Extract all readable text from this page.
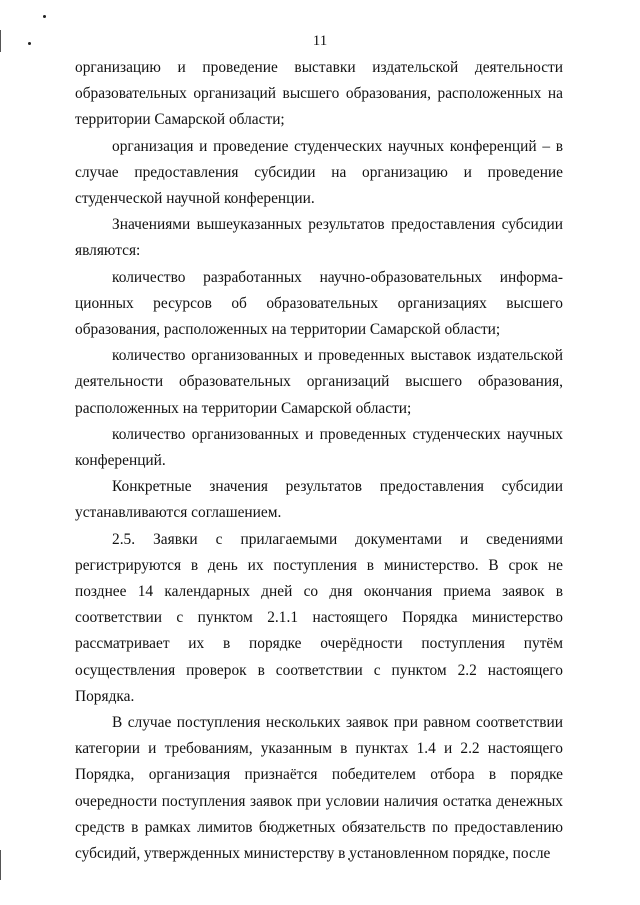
11

организацию и проведение выставки издательской деятельности образовательных организаций высшего образования, расположенных на территории Самарской области;

организация и проведение студенческих научных конференций – в случае предоставления субсидии на организацию и проведение студенческой научной конференции.

Значениями вышеуказанных результатов предоставления субсидии являются:

количество разработанных научно-образовательных информа-ционных ресурсов об образовательных организациях высшего образования, расположенных на территории Самарской области;

количество организованных и проведенных выставок издательской деятельности образовательных организаций высшего образования, расположенных на территории Самарской области;

количество организованных и проведенных студенческих научных конференций.

Конкретные значения результатов предоставления субсидии устанавливаются соглашением.

2.5. Заявки с прилагаемыми документами и сведениями регистрируются в день их поступления в министерство. В срок не позднее 14 календарных дней со дня окончания приема заявок в соответствии с пунктом 2.1.1 настоящего Порядка министерство рассматривает их в порядке очерёдности поступления путём осуществления проверок в соответствии с пунктом 2.2 настоящего Порядка.

В случае поступления нескольких заявок при равном соответствии категории и требованиям, указанным в пунктах 1.4 и 2.2 настоящего Порядка, организация признаётся победителем отбора в порядке очередности поступления заявок при условии наличия остатка денежных средств в рамках лимитов бюджетных обязательств по предоставлению субсидий, утвержденных министерству в установленном порядке, после
